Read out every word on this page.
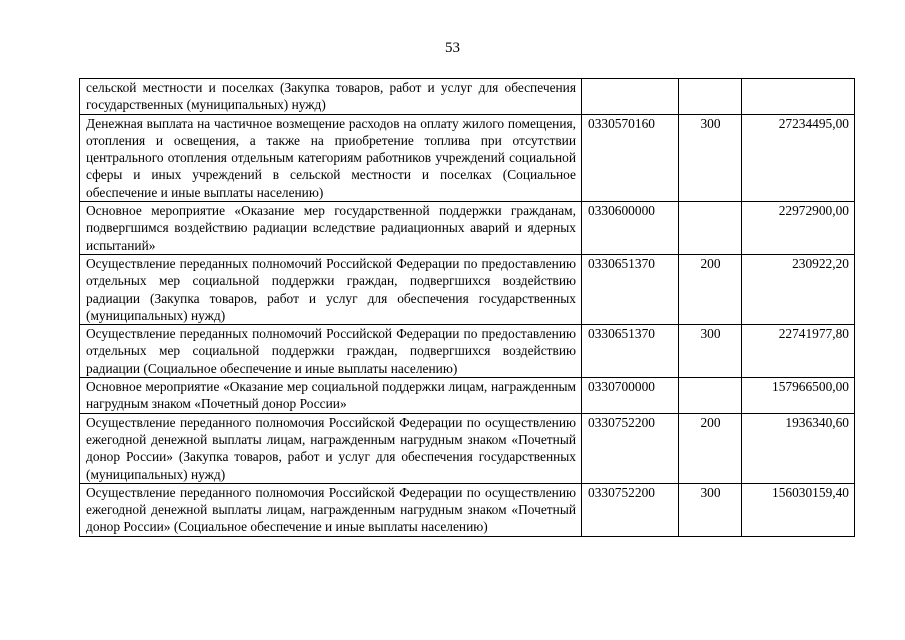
53
сельской местности и поселках (Закупка товаров, работ и услуг для обеспечения государственных (муниципальных) нужд)			
Денежная выплата на частичное возмещение расходов на оплату жилого помещения, отопления и освещения, а также на приобретение топлива при отсутствии центрального отопления отдельным категориям работников учреждений социальной сферы и иных учреждений в сельской местности и поселках (Социальное обеспечение и иные выплаты населению)	0330570160	300	27234495,00
Основное мероприятие «Оказание мер государственной поддержки гражданам, подвергшимся воздействию радиации вследствие радиационных аварий и ядерных испытаний»	0330600000		22972900,00
Осуществление переданных полномочий Российской Федерации по предоставлению отдельных мер социальной поддержки граждан, подвергшихся воздействию радиации (Закупка товаров, работ и услуг для обеспечения государственных (муниципальных) нужд)	0330651370	200	230922,20
Осуществление переданных полномочий Российской Федерации по предоставлению отдельных мер социальной поддержки граждан, подвергшихся воздействию радиации (Социальное обеспечение и иные выплаты населению)	0330651370	300	22741977,80
Основное мероприятие «Оказание мер социальной поддержки лицам, награжденным нагрудным знаком «Почетный донор России»	0330700000		157966500,00
Осуществление переданного полномочия Российской Федерации по осуществлению ежегодной денежной выплаты лицам, награжденным нагрудным знаком «Почетный донор России» (Закупка товаров, работ и услуг для обеспечения государственных (муниципальных) нужд)	0330752200	200	1936340,60
Осуществление переданного полномочия Российской Федерации по осуществлению ежегодной денежной выплаты лицам, награжденным нагрудным знаком «Почетный донор России» (Социальное обеспечение и иные выплаты населению)	0330752200	300	156030159,40
